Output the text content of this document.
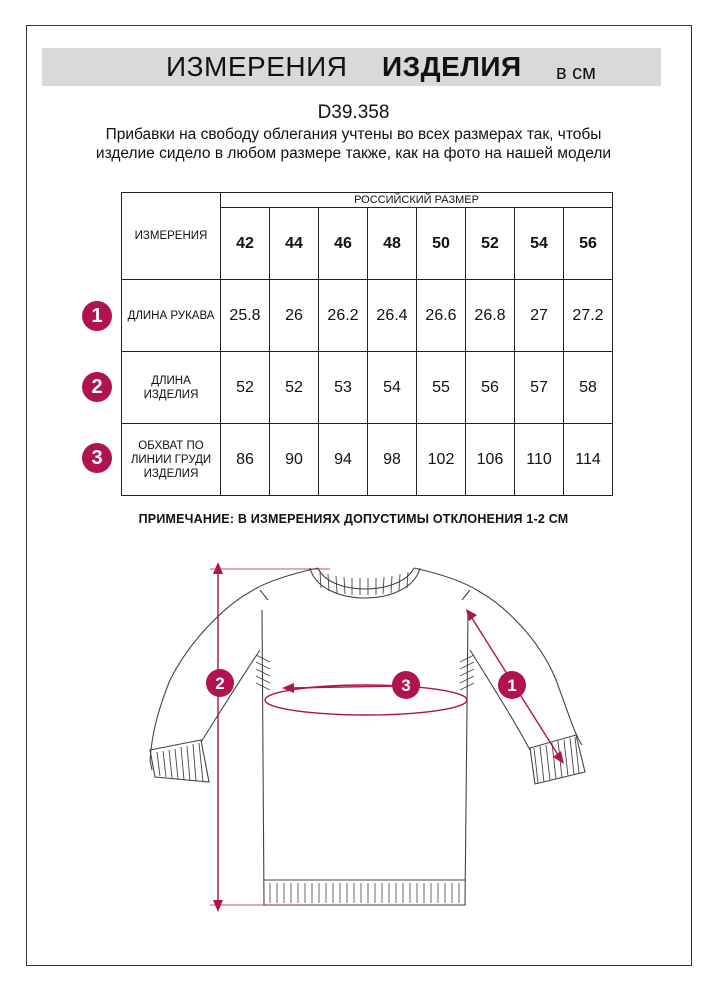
ИЗМЕРЕНИЯ ИЗДЕЛИЯ в см
D39.358
Прибавки на свободу облегания учтены во всех размерах так, чтобы изделие сидело в любом размере также, как на фото на нашей модели
ИЗМЕРЕНИЯ	РОССИЙСКИЙ РАЗМЕР							
	42	44	46	48	50	52	54	56
ДЛИНА РУКАВА	25.8	26	26.2	26.4	26.6	26.8	27	27.2

ДЛИНА ИЗДЕЛИЯ	52	52	53	54	55	56	57	58

ОБХВАТ ПО ЛИНИИ ГРУДИ ИЗДЕЛИЯ	86	90	94	98	102	106	110	114
1
2
3
ПРИМЕЧАНИЕ: В ИЗМЕРЕНИЯХ ДОПУСТИМЫ ОТКЛОНЕНИЯ 1-2 СМ
2	3	1
